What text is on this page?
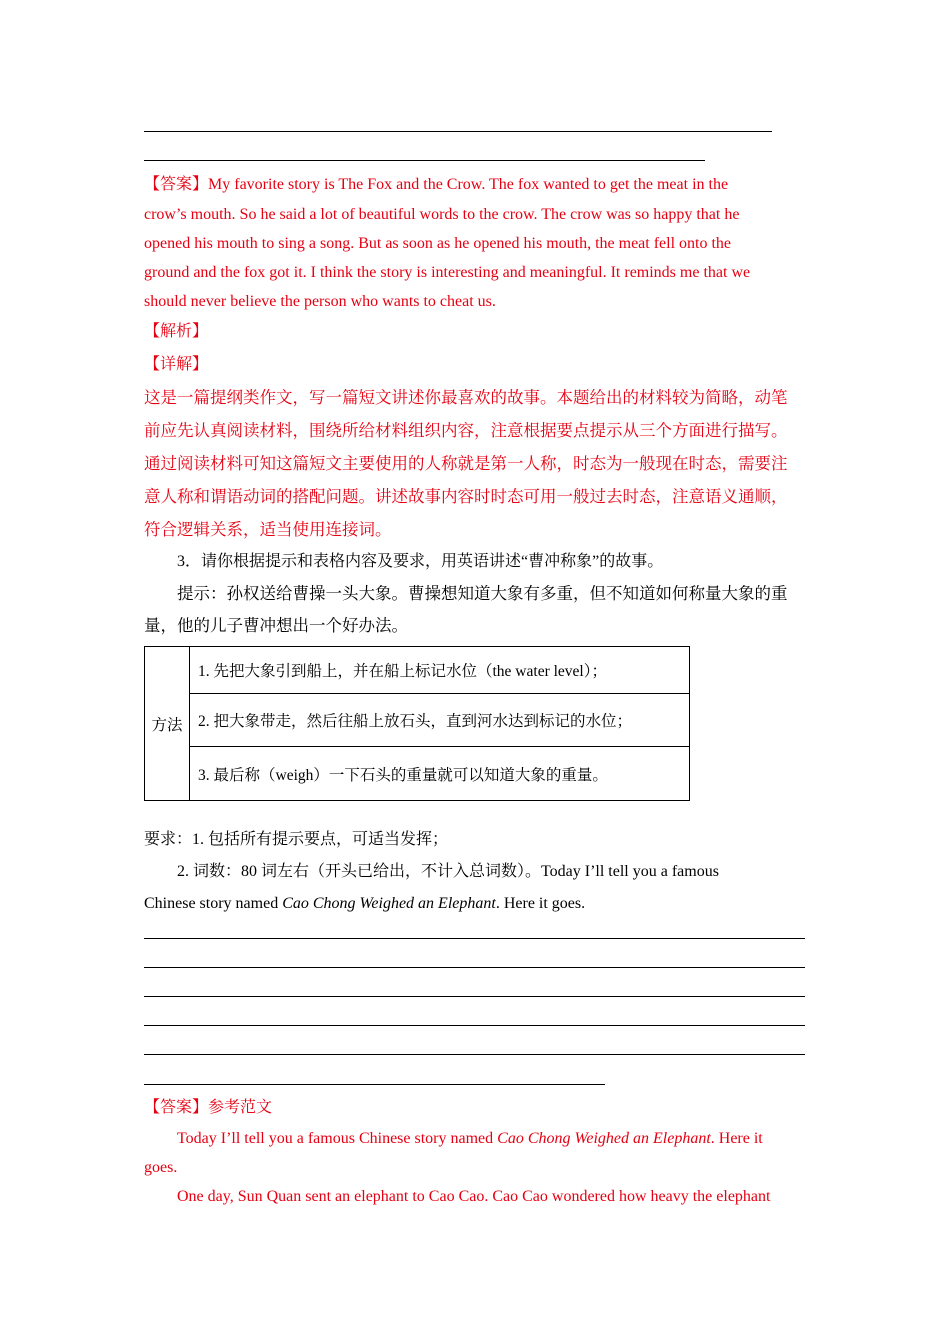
【答案】My favorite story is The Fox and the Crow. The fox wanted to get the meat in the
crow’s mouth. So he said a lot of beautiful words to the crow. The crow was so happy that he
opened his mouth to sing a song. But as soon as he opened his mouth, the meat fell onto the
ground and the fox got it. I think the story is interesting and meaningful. It reminds me that we
should never believe the person who wants to cheat us.
【解析】
【详解】
这是一篇提纲类作文，写一篇短文讲述你最喜欢的故事。本题给出的材料较为简略，动笔
前应先认真阅读材料，围绕所给材料组织内容，注意根据要点提示从三个方面进行描写。
通过阅读材料可知这篇短文主要使用的人称就是第一人称，时态为一般现在时态，需要注
意人称和谓语动词的搭配问题。讲述故事内容时时态可用一般过去时态，注意语义通顺，
符合逻辑关系，适当使用连接词。
3．请你根据提示和表格内容及要求，用英语讲述“曹冲称象”的故事。
提示：孙权送给曹操一头大象。曹操想知道大象有多重，但不知道如何称量大象的重
量，他的儿子曹冲想出一个好办法。
方法	1. 先把大象引到船上，并在船上标记水位（the water level）；
2. 把大象带走，然后往船上放石头，直到河水达到标记的水位；
3. 最后称（weigh）一下石头的重量就可以知道大象的重量。
要求：1. 包括所有提示要点，可适当发挥；
2. 词数：80 词左右（开头已给出，不计入总词数）。Today I’ll tell you a famous
Chinese story named Cao Chong Weighed an Elephant. Here it goes.
【答案】参考范文
Today I’ll tell you a famous Chinese story named Cao Chong Weighed an Elephant. Here it
goes.
One day, Sun Quan sent an elephant to Cao Cao. Cao Cao wondered how heavy the elephant
